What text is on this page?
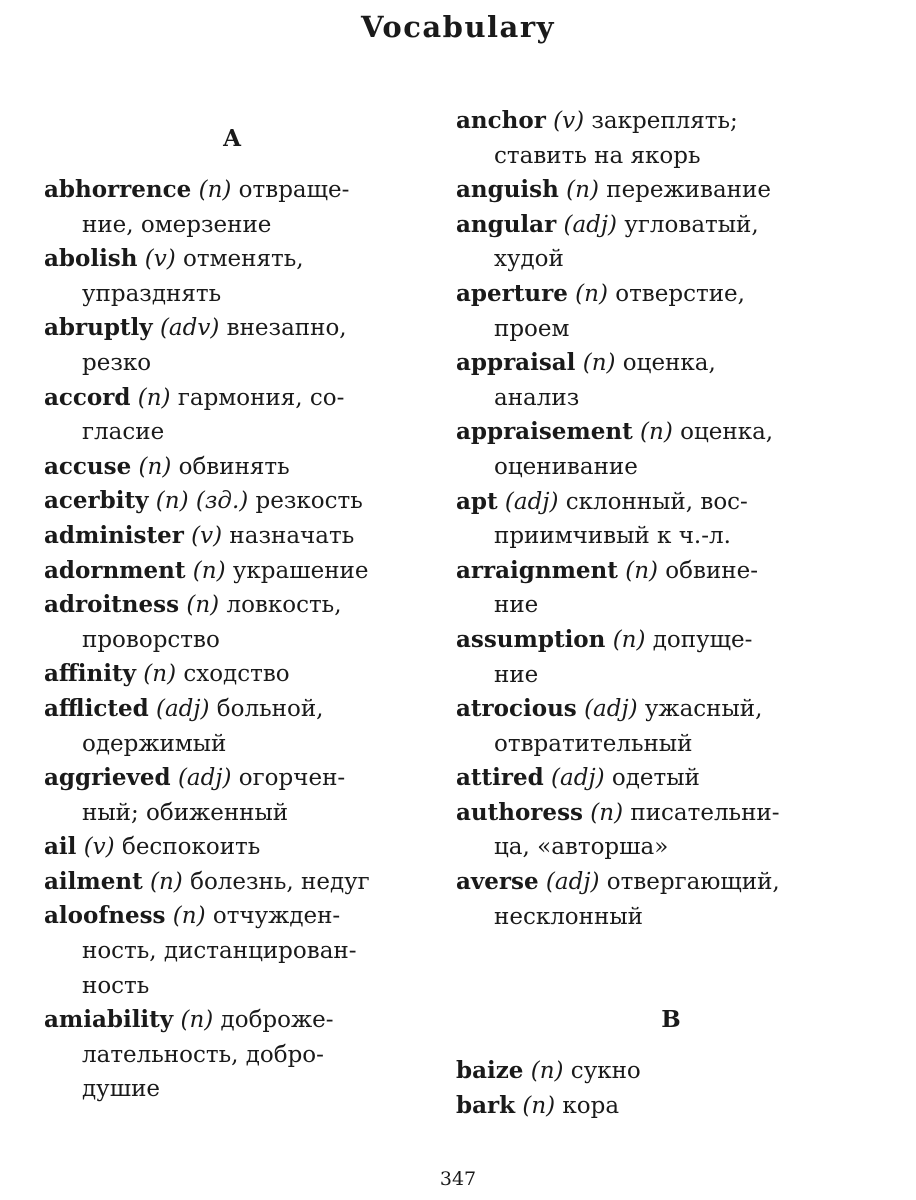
Vocabulary
A
abhorrence (n) отвраще-
ние, омерзение
abolish (v) отменять,
упразднять
abruptly (adv) внезапно,
резко
accord (n) гармония, со-
гласие
accuse (n) обвинять
acerbity (n) (зд.) резкость
administer (v) назначать
adornment (n) украшение
adroitness (n) ловкость,
проворство
affinity (n) сходство
afflicted (adj) больной,
одержимый
aggrieved (adj) огорчен-
ный; обиженный
ail (v) беспокоить
ailment (n) болезнь, недуг
aloofness (n) отчужден-
ность, дистанцирован-
ность
amiability (n) доброже-
лательность, добро-
душие
anchor (v) закреплять;
ставить на якорь
anguish (n) переживание
angular (adj) угловатый,
худой
aperture (n) отверстие,
проем
appraisal (n) оценка,
анализ
appraisement (n) оценка,
оценивание
apt (adj) склонный, вос-
приимчивый к ч.-л.
arraignment (n) обвине-
ние
assumption (n) допуще-
ние
atrocious (adj) ужасный,
отвратительный
attired (adj) одетый
authoress (n) писательни-
ца, «авторша»
averse (adj) отвергающий,
несклонный
B
baize (n) сукно
bark (n) кора
347
